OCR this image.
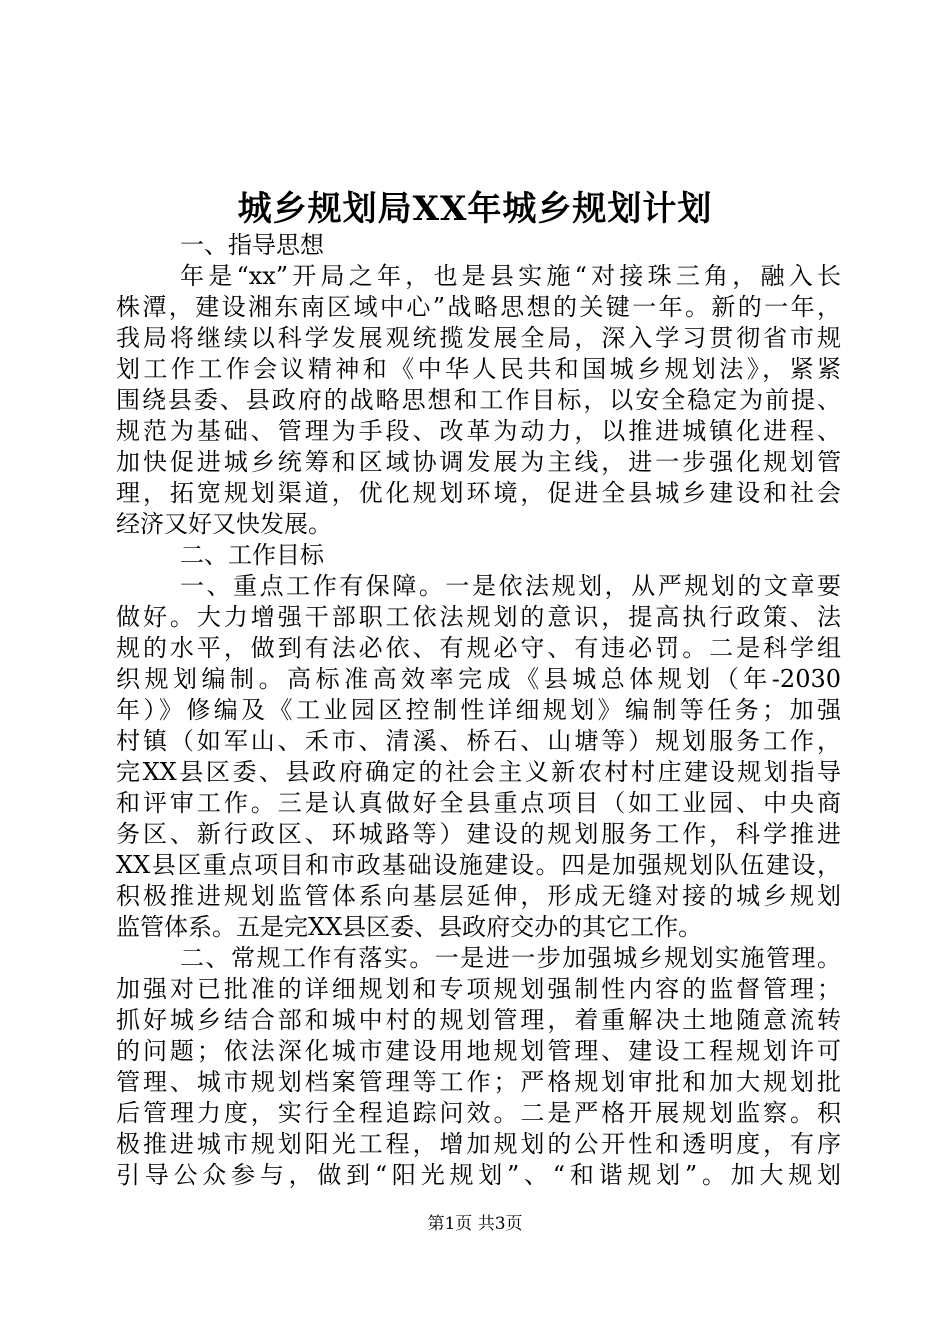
城乡规划局XX年城乡规划计划
一、指导思想
年是“xx”开局之年，也是县实施“对接珠三角，融入长
株潭，建设湘东南区域中心”战略思想的关键一年。新的一年，
我局将继续以科学发展观统揽发展全局，深入学习贯彻省市规
划工作工作会议精神和《中华人民共和国城乡规划法》，紧紧
围绕县委、县政府的战略思想和工作目标，以安全稳定为前提、
规范为基础、管理为手段、改革为动力，以推进城镇化进程、
加快促进城乡统筹和区域协调发展为主线，进一步强化规划管
理，拓宽规划渠道，优化规划环境，促进全县城乡建设和社会
经济又好又快发展。
二、工作目标
一、重点工作有保障。一是依法规划，从严规划的文章要
做好。大力增强干部职工依法规划的意识，提高执行政策、法
规的水平，做到有法必依、有规必守、有违必罚。二是科学组
织规划编制。高标准高效率完成《县城总体规划（年-2030
年）》修编及《工业园区控制性详细规划》编制等任务；加强
村镇（如军山、禾市、清溪、桥石、山塘等）规划服务工作，
完XX县区委、县政府确定的社会主义新农村村庄建设规划指导
和评审工作。三是认真做好全县重点项目（如工业园、中央商
务区、新行政区、环城路等）建设的规划服务工作，科学推进
XX县区重点项目和市政基础设施建设。四是加强规划队伍建设，
积极推进规划监管体系向基层延伸，形成无缝对接的城乡规划
监管体系。五是完XX县区委、县政府交办的其它工作。
二、常规工作有落实。一是进一步加强城乡规划实施管理。
加强对已批准的详细规划和专项规划强制性内容的监督管理；
抓好城乡结合部和城中村的规划管理，着重解决土地随意流转
的问题；依法深化城市建设用地规划管理、建设工程规划许可
管理、城市规划档案管理等工作；严格规划审批和加大规划批
后管理力度，实行全程追踪问效。二是严格开展规划监察。积
极推进城市规划阳光工程，增加规划的公开性和透明度，有序
引导公众参与，做到“阳光规划”、“和谐规划”。加大规划
第1页 共3页
